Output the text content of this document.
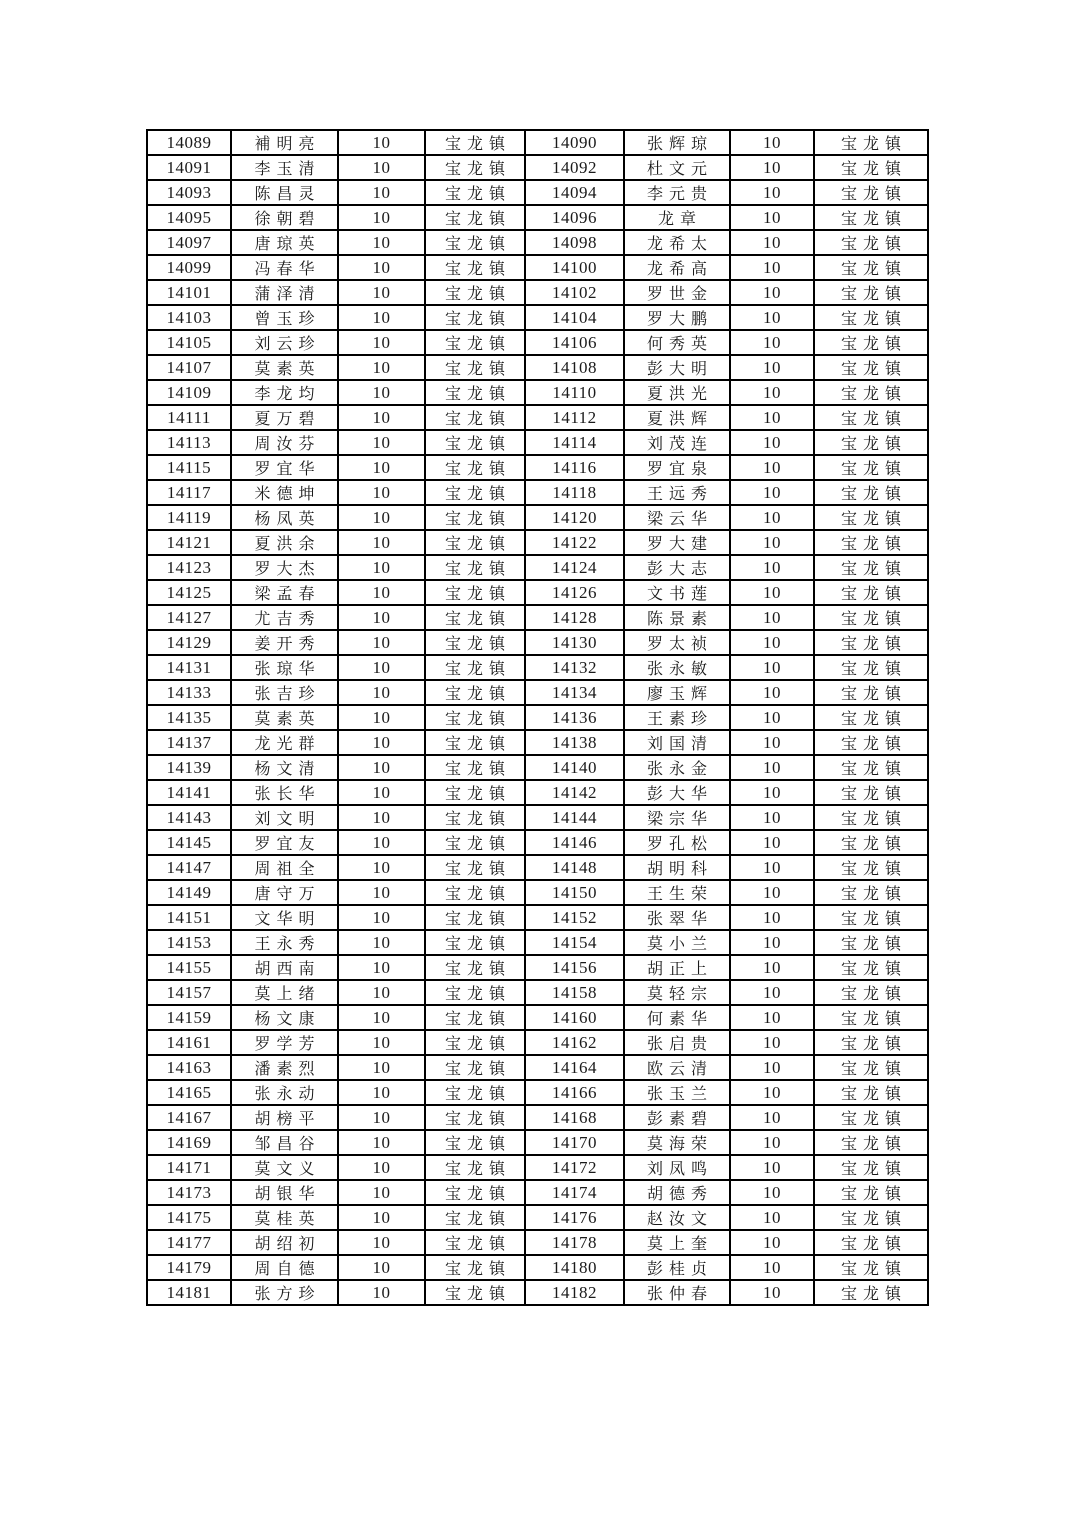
14089	補明亮	10	宝龙镇	14090	张辉琼	10	宝龙镇
14091	李玉清	10	宝龙镇	14092	杜文元	10	宝龙镇
14093	陈昌灵	10	宝龙镇	14094	李元贵	10	宝龙镇
14095	徐朝碧	10	宝龙镇	14096	龙章	10	宝龙镇
14097	唐琼英	10	宝龙镇	14098	龙希太	10	宝龙镇
14099	冯春华	10	宝龙镇	14100	龙希高	10	宝龙镇
14101	蒲泽清	10	宝龙镇	14102	罗世金	10	宝龙镇
14103	曾玉珍	10	宝龙镇	14104	罗大鹏	10	宝龙镇
14105	刘云珍	10	宝龙镇	14106	何秀英	10	宝龙镇
14107	莫素英	10	宝龙镇	14108	彭大明	10	宝龙镇
14109	李龙均	10	宝龙镇	14110	夏洪光	10	宝龙镇
14111	夏万碧	10	宝龙镇	14112	夏洪辉	10	宝龙镇
14113	周汝芬	10	宝龙镇	14114	刘茂连	10	宝龙镇
14115	罗宜华	10	宝龙镇	14116	罗宜泉	10	宝龙镇
14117	米德坤	10	宝龙镇	14118	王远秀	10	宝龙镇
14119	杨凤英	10	宝龙镇	14120	梁云华	10	宝龙镇
14121	夏洪余	10	宝龙镇	14122	罗大建	10	宝龙镇
14123	罗大杰	10	宝龙镇	14124	彭大志	10	宝龙镇
14125	梁孟春	10	宝龙镇	14126	文书莲	10	宝龙镇
14127	尤吉秀	10	宝龙镇	14128	陈景素	10	宝龙镇
14129	姜开秀	10	宝龙镇	14130	罗太祯	10	宝龙镇
14131	张琼华	10	宝龙镇	14132	张永敏	10	宝龙镇
14133	张吉珍	10	宝龙镇	14134	廖玉辉	10	宝龙镇
14135	莫素英	10	宝龙镇	14136	王素珍	10	宝龙镇
14137	龙光群	10	宝龙镇	14138	刘国清	10	宝龙镇
14139	杨文清	10	宝龙镇	14140	张永金	10	宝龙镇
14141	张长华	10	宝龙镇	14142	彭大华	10	宝龙镇
14143	刘文明	10	宝龙镇	14144	梁宗华	10	宝龙镇
14145	罗宜友	10	宝龙镇	14146	罗孔松	10	宝龙镇
14147	周祖全	10	宝龙镇	14148	胡明科	10	宝龙镇
14149	唐守万	10	宝龙镇	14150	王生荣	10	宝龙镇
14151	文华明	10	宝龙镇	14152	张翠华	10	宝龙镇
14153	王永秀	10	宝龙镇	14154	莫小兰	10	宝龙镇
14155	胡西南	10	宝龙镇	14156	胡正上	10	宝龙镇
14157	莫上绪	10	宝龙镇	14158	莫轻宗	10	宝龙镇
14159	杨文康	10	宝龙镇	14160	何素华	10	宝龙镇
14161	罗学芳	10	宝龙镇	14162	张启贵	10	宝龙镇
14163	潘素烈	10	宝龙镇	14164	欧云清	10	宝龙镇
14165	张永动	10	宝龙镇	14166	张玉兰	10	宝龙镇
14167	胡榜平	10	宝龙镇	14168	彭素碧	10	宝龙镇
14169	邹昌谷	10	宝龙镇	14170	莫海荣	10	宝龙镇
14171	莫文义	10	宝龙镇	14172	刘凤鸣	10	宝龙镇
14173	胡银华	10	宝龙镇	14174	胡德秀	10	宝龙镇
14175	莫桂英	10	宝龙镇	14176	赵汝文	10	宝龙镇
14177	胡绍初	10	宝龙镇	14178	莫上奎	10	宝龙镇
14179	周自德	10	宝龙镇	14180	彭桂贞	10	宝龙镇
14181	张方珍	10	宝龙镇	14182	张仲春	10	宝龙镇
